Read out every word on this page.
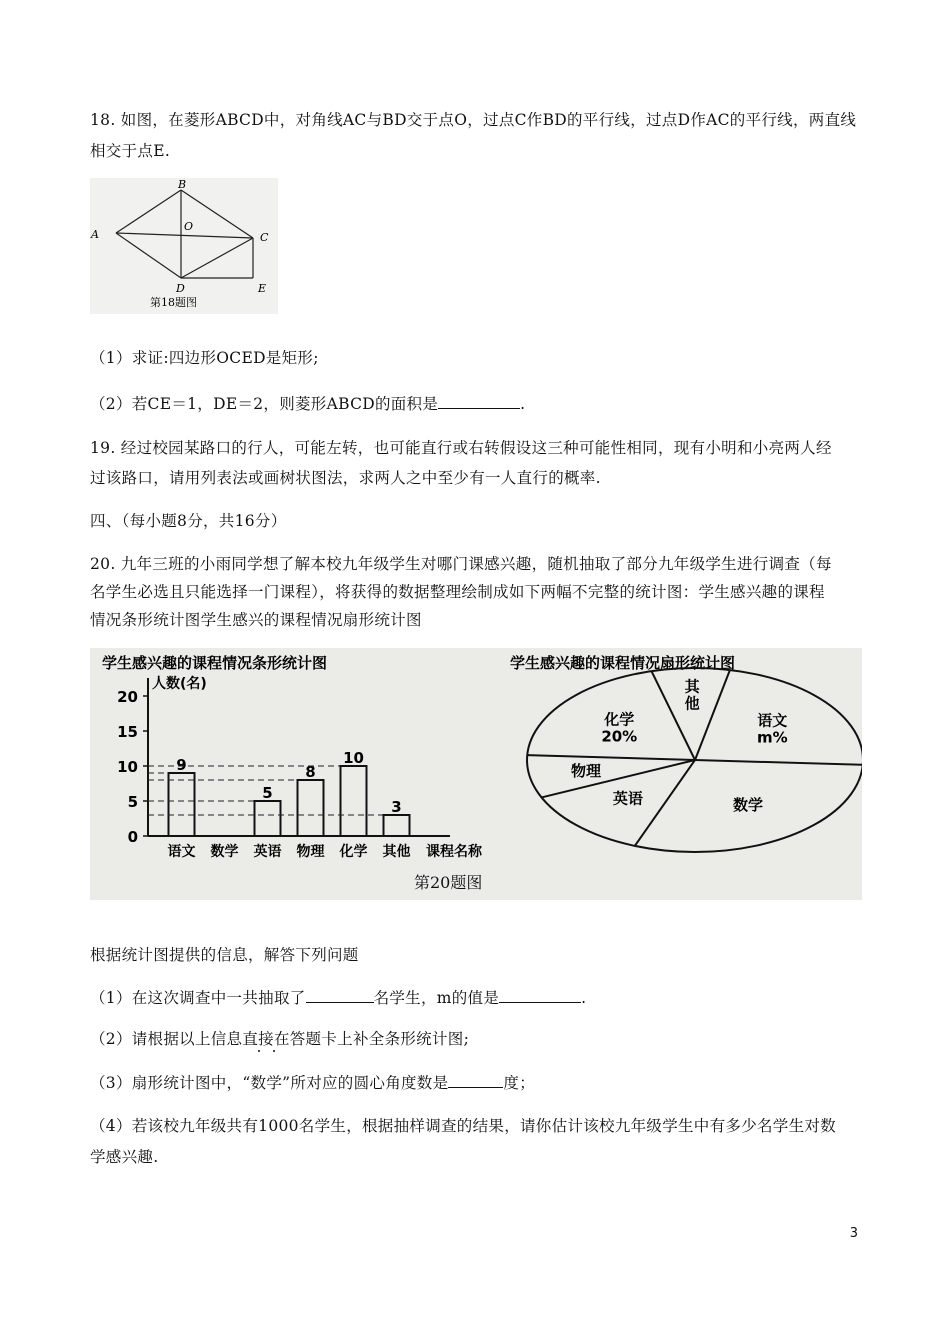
18. 如图，在菱形ABCD中，对角线AC与BD交于点O，过点C作BD的平行线，过点D作AC的平行线，两直线

相交于点E.

B
A
O
C
D	E
第18题图

（1）求证:四边形OCED是矩形;

（2）若CE＝1，DE＝2，则菱形ABCD的面积是	.

19. 经过校园某路口的行人，可能左转，也可能直行或右转假设这三种可能性相同，现有小明和小亮两人经

过该路口，请用列表法或画树状图法，求两人之中至少有一人直行的概率.

四、（每小题8分，共16分）

20. 九年三班的小雨同学想了解本校九年级学生对哪门课感兴趣，随机抽取了部分九年级学生进行调查（每

名学生必选且只能选择一门课程），将获得的数据整理绘制成如下两幅不完整的统计图：学生感兴趣的课程

情况条形统计图学生感兴的课程情况扇形统计图

学生感兴趣的课程情况条形统计图
人数(名)
0
5
10
15
20
语文
9
数学 英语
5
物理
8
化学
10
其他
3
课程名称
学生感兴趣的课程情况扇形统计图
其
他
语文
m%
数学
英语
物理
化学
20%
第20题图

根据统计图提供的信息，解答下列问题

（1）在这次调查中一共抽取了	名学生，m的值是	.

（2）请根据以上信息直接在答题卡上补全条形统计图;

（3）扇形统计图中，“数学”所对应的圆心角度数是	度；

（4）若该校九年级共有1000名学生，根据抽样调查的结果，请你估计该校九年级学生中有多少名学生对数

学感兴趣.

3
